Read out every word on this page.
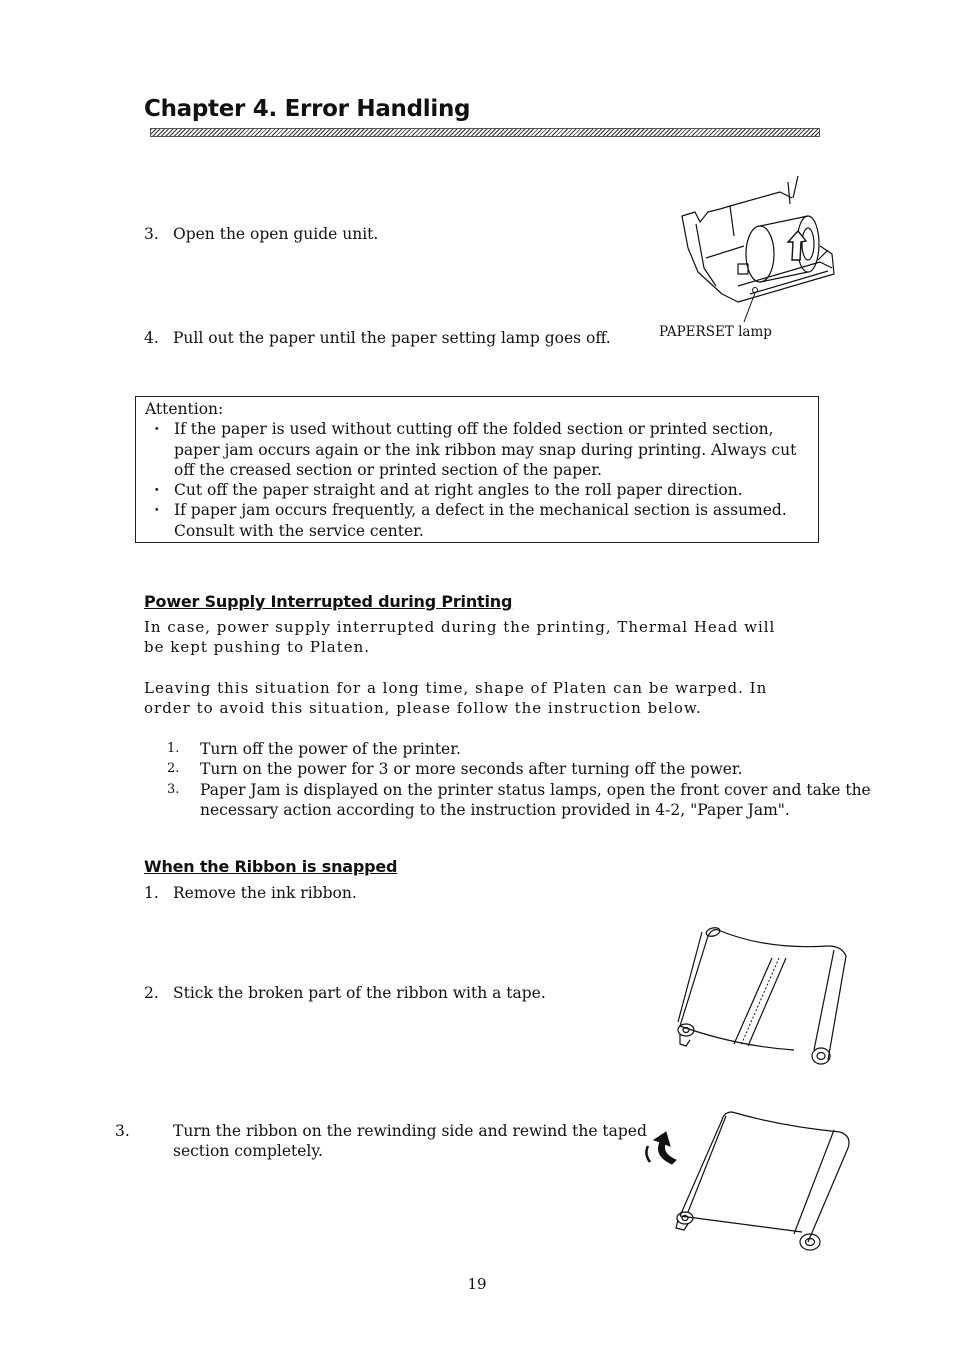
Chapter 4. Error Handling
3. Open the open guide unit.
4. Pull out the paper until the paper setting lamp goes off.	PAPERSET lamp
Attention:
・ If the paper is used without cutting off the folded section or printed section, paper jam occurs again or the ink ribbon may snap during printing. Always cut off the creased section or printed section of the paper.
・ Cut off the paper straight and at right angles to the roll paper direction.
・ If paper jam occurs frequently, a defect in the mechanical section is assumed. Consult with the service center.
Power Supply Interrupted during Printing
In case, power supply interrupted during the printing, Thermal Head will
be kept pushing to Platen.
Leaving this situation for a long time, shape of Platen can be warped. In
order to avoid this situation, please follow the instruction below.
1. Turn off the power of the printer.
2. Turn on the power for 3 or more seconds after turning off the power.
3. Paper Jam is displayed on the printer status lamps, open the front cover and take the necessary action according to the instruction provided in 4-2, "Paper Jam".
When the Ribbon is snapped
1. Remove the ink ribbon.
2. Stick the broken part of the ribbon with a tape.
3.	Turn the ribbon on the rewinding side and rewind the taped section completely.
19
